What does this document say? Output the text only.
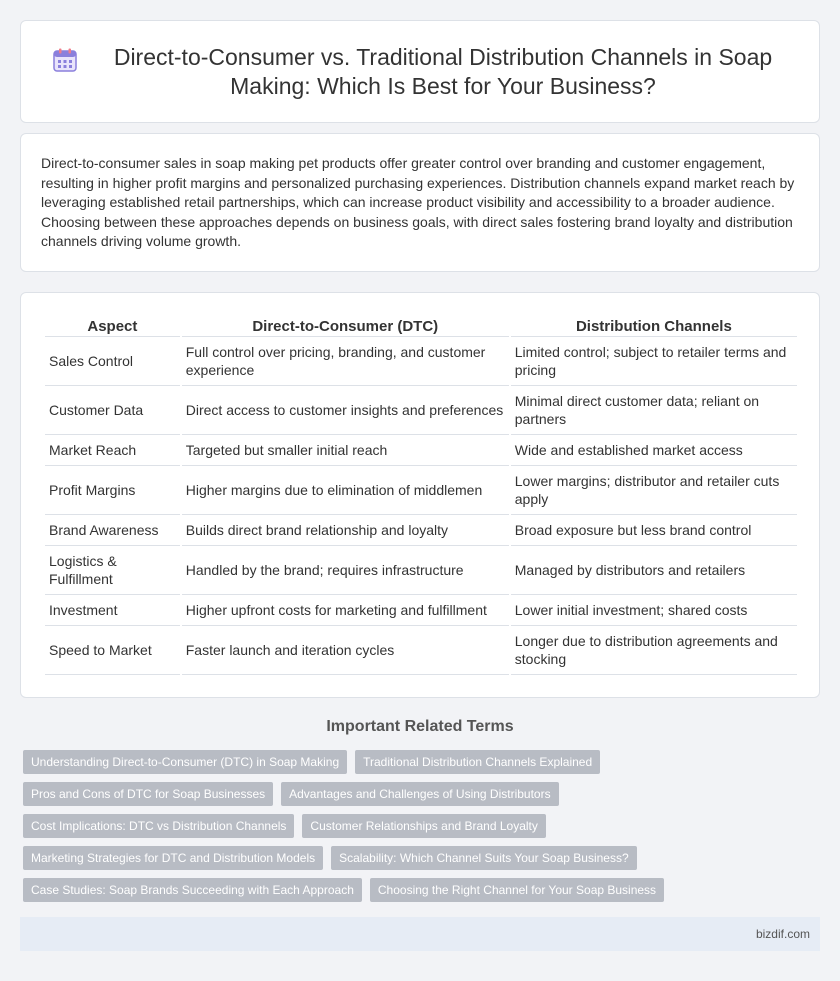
Direct-to-Consumer vs. Traditional Distribution Channels in Soap Making: Which Is Best for Your Business?

Direct-to-consumer sales in soap making pet products offer greater control over branding and customer engagement, resulting in higher profit margins and personalized purchasing experiences. Distribution channels expand market reach by leveraging established retail partnerships, which can increase product visibility and accessibility to a broader audience. Choosing between these approaches depends on business goals, with direct sales fostering brand loyalty and distribution channels driving volume growth.

Aspect	Direct-to-Consumer (DTC)	Distribution Channels
Sales Control	Full control over pricing, branding, and customer experience	Limited control; subject to retailer terms and pricing
Customer Data	Direct access to customer insights and preferences	Minimal direct customer data; reliant on partners
Market Reach	Targeted but smaller initial reach	Wide and established market access
Profit Margins	Higher margins due to elimination of middlemen	Lower margins; distributor and retailer cuts apply
Brand Awareness	Builds direct brand relationship and loyalty	Broad exposure but less brand control
Logistics & Fulfillment	Handled by the brand; requires infrastructure	Managed by distributors and retailers
Investment	Higher upfront costs for marketing and fulfillment	Lower initial investment; shared costs
Speed to Market	Faster launch and iteration cycles	Longer due to distribution agreements and stocking
Important Related Terms
Understanding Direct-to-Consumer (DTC) in Soap Making	Traditional Distribution Channels Explained
Pros and Cons of DTC for Soap Businesses	Advantages and Challenges of Using Distributors
Cost Implications: DTC vs Distribution Channels	Customer Relationships and Brand Loyalty
Marketing Strategies for DTC and Distribution Models	Scalability: Which Channel Suits Your Soap Business?
Case Studies: Soap Brands Succeeding with Each Approach	Choosing the Right Channel for Your Soap Business
bizdif.com
